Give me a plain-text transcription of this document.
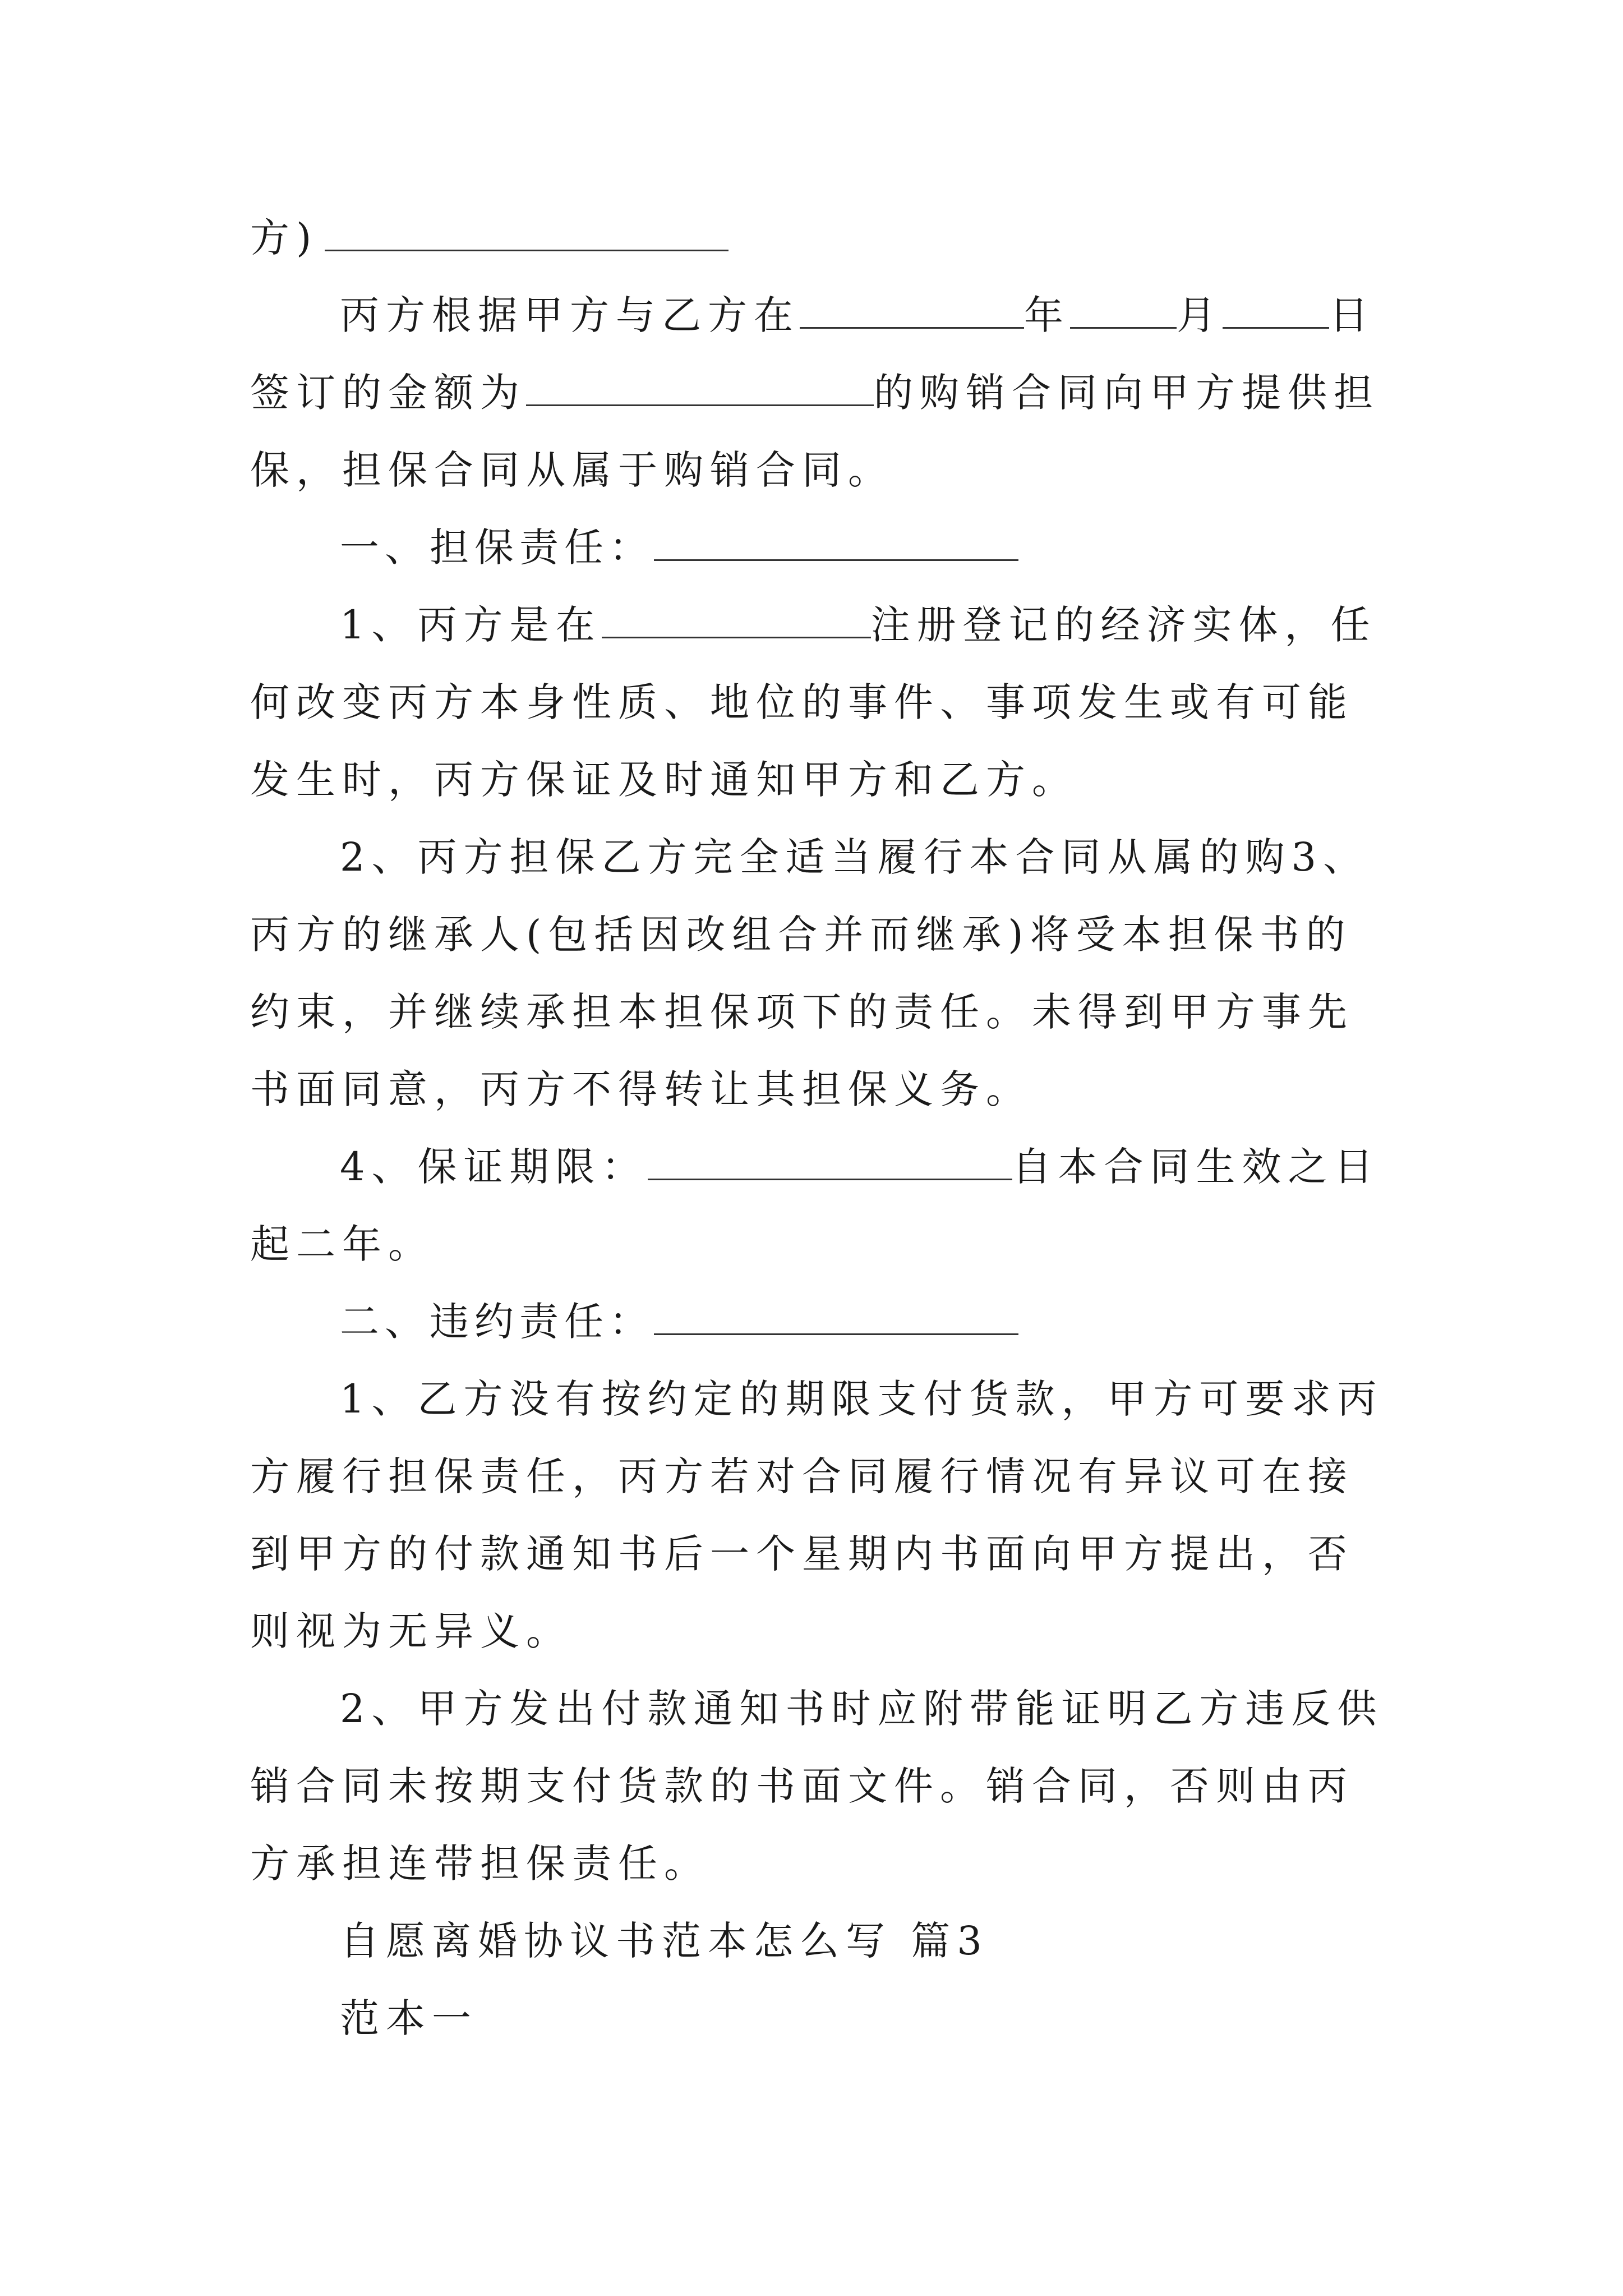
方)

丙方根据甲方与乙方在	年	月	日签订的金额为	的购销合同向甲方提供担保，担保合同从属于购销合同。

一、担保责任：

1、丙方是在	注册登记的经济实体，任何改变丙方本身性质、地位的事件、事项发生或有可能发生时，丙方保证及时通知甲方和乙方。

2、丙方担保乙方完全适当履行本合同从属的购3、丙方的继承人(包括因改组合并而继承)将受本担保书的约束，并继续承担本担保项下的责任。未得到甲方事先书面同意，丙方不得转让其担保义务。

4、保证期限：	自本合同生效之日起二年。

二、违约责任：

1、乙方没有按约定的期限支付货款，甲方可要求丙方履行担保责任，丙方若对合同履行情况有异议可在接到甲方的付款通知书后一个星期内书面向甲方提出，否则视为无异义。

2、甲方发出付款通知书时应附带能证明乙方违反供销合同未按期支付货款的书面文件。销合同，否则由丙方承担连带担保责任。

自愿离婚协议书范本怎么写 篇3

范本一
